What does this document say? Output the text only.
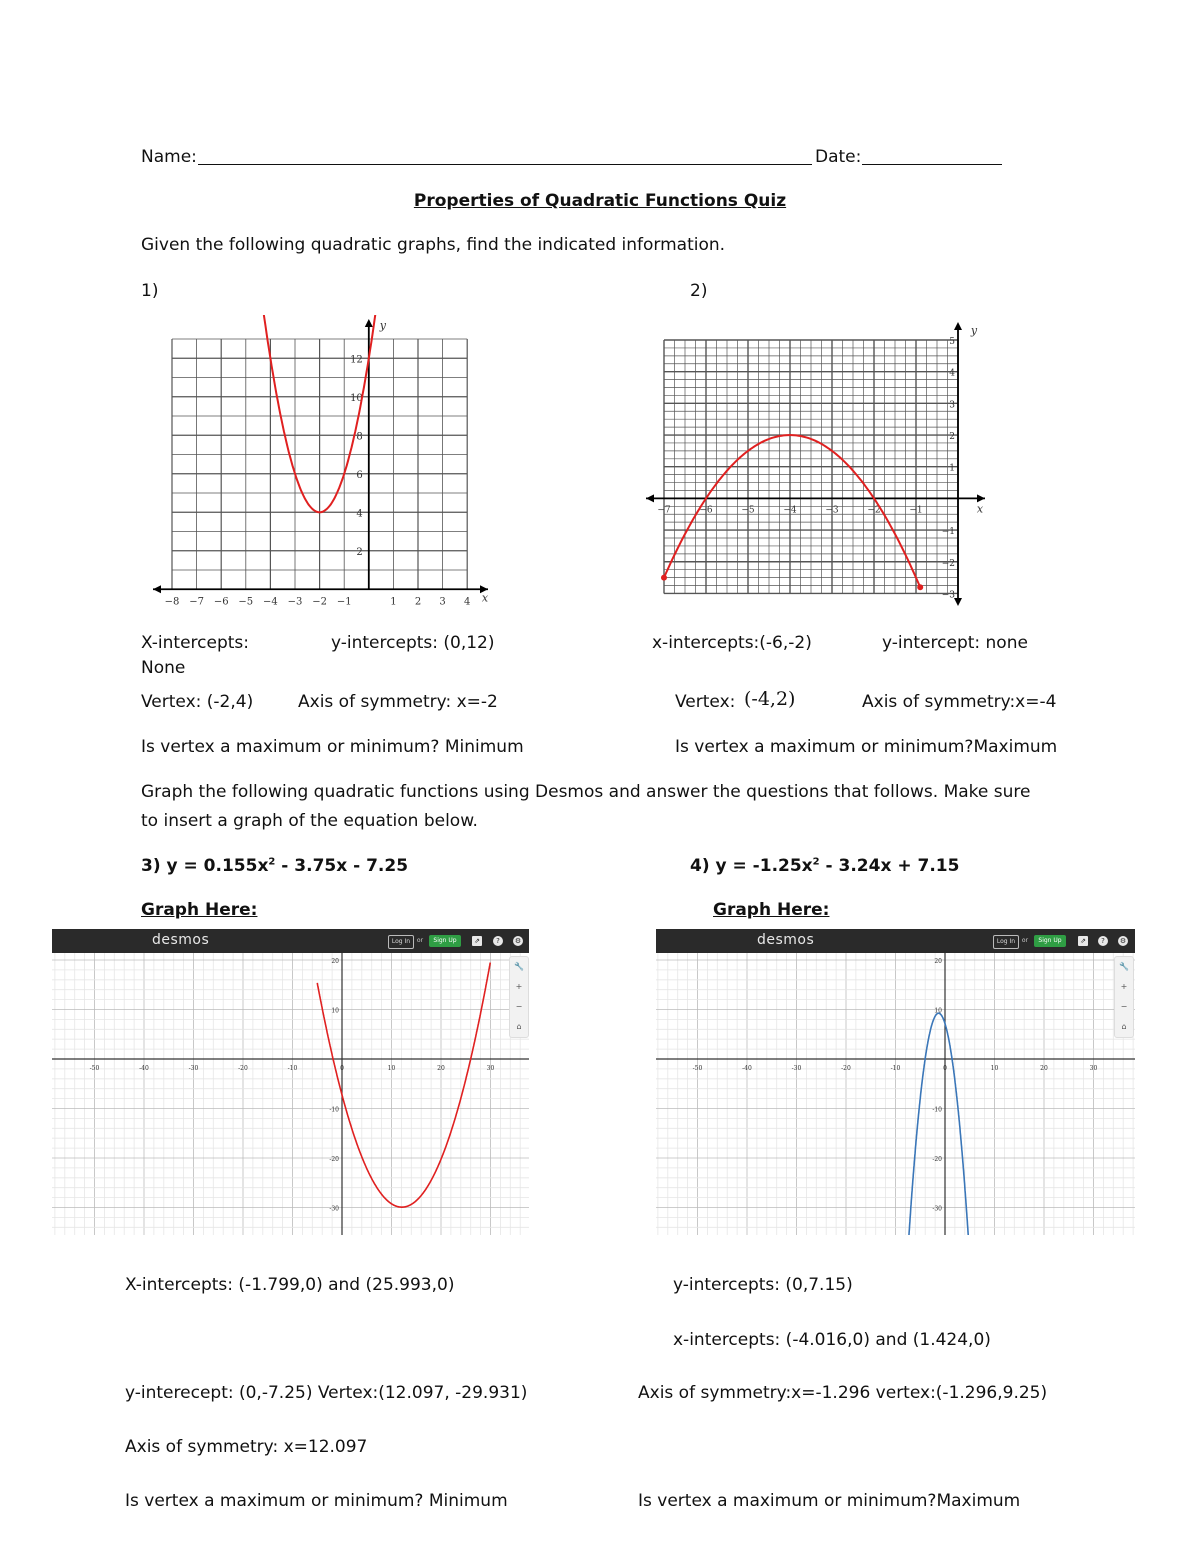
Name:	Date:
Properties of Quadratic Functions Quiz
Given the following quadratic graphs, find the indicated information.
1)	2)
x
y
−8 −7 −6 −5 −4 −3 −2 −1	1 2 3 4
2
4
6
8
10
12
x
y
−7	−6	−5	−4	−3	−2	−1
5
4
3
2
1
−1
−2
−3
X-intercepts:
None
y-intercepts: (0,12)
Vertex: (-2,4)	Axis of symmetry: x=-2
Is vertex a maximum or minimum? Minimum
x-intercepts:(-6,-2)	y-intercept: none
Vertex: (-4,2)	Axis of symmetry:x=-4
Is vertex a maximum or minimum?Maximum
Graph the following quadratic functions using Desmos and answer the questions that follows. Make sure
to insert a graph of the equation below.
3) $y = 0.155x^2 - 3.75x - 7.25$	4) $y = -1.25x^2 - 3.24x + 7.15$
Graph Here:	Graph Here:
desmos	Log In	or	Sign Up	⇗	?	⚙
-50	-40	-30	-20	-10	0	10	20	30
20
10
-10
-20
-30
🔧
+
−
⌂
desmos	Log In	or	Sign Up	⇗	?	⚙
-50	-40	-30	-20	-10	0	10	20	30
20
10
-10
-20
-30
🔧
+
−
⌂
X-intercepts: (-1.799,0) and (25.993,0)	y-intercepts: (0,7.15)
x-intercepts: (-4.016,0) and (1.424,0)
y-interecept: (0,-7.25) Vertex:(12.097, -29.931)	Axis of symmetry:x=-1.296 vertex:(-1.296,9.25)
Axis of symmetry: x=12.097
Is vertex a maximum or minimum? Minimum	Is vertex a maximum or minimum?Maximum
